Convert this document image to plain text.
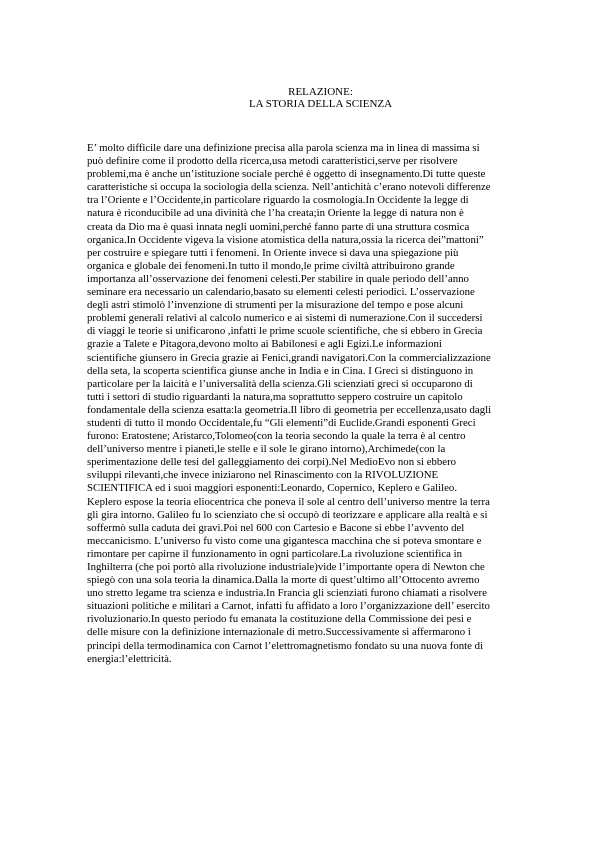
RELAZIONE:
LA STORIA DELLA SCIENZA
E’ molto difficile dare una definizione precisa alla parola scienza ma in linea di massima si
può definire come il prodotto della ricerca,usa metodi caratteristici,serve per risolvere
problemi,ma è anche un’istituzione sociale perché è oggetto di insegnamento.Di tutte queste
caratteristiche si occupa la sociologia della scienza. Nell’antichità c’erano notevoli differenze
tra l’Oriente e l’Occidente,in particolare riguardo la cosmologia.In Occidente la legge di
natura è riconducibile ad una divinità che l’ha creata;in Oriente la legge di natura non è
creata da Dio ma è quasi innata negli uomini,perché fanno parte di una struttura cosmica
organica.In Occidente vigeva la visione atomistica della natura,ossia la ricerca dei”mattoni”
per costruire e spiegare tutti i fenomeni. In Oriente invece si dava una spiegazione più
organica e globale dei fenomeni.In tutto il mondo,le prime civiltà attribuirono grande
importanza all’osservazione dei fenomeni celesti.Per stabilire in quale periodo dell’anno
seminare era necessario un calendario,basato su elementi celesti periodici. L’osservazione
degli astri stimolò l’invenzione di strumenti per la misurazione del tempo e pose alcuni
problemi generali relativi al calcolo numerico e ai sistemi di numerazione.Con il succedersi
di viaggi le teorie si unificarono ,infatti le prime scuole scientifiche, che si ebbero in Grecia
grazie a Talete e Pitagora,devono molto ai Babilonesi e agli Egizi.Le informazioni
scientifiche giunsero in Grecia grazie ai Fenici,grandi navigatori.Con la commercializzazione
della seta, la scoperta scientifica giunse anche in India e in Cina. I Greci si distinguono in
particolare per la laicità e l’universalità della scienza.Gli scienziati greci si occuparono di
tutti i settori di studio riguardanti la natura,ma soprattutto seppero costruire un capitolo
fondamentale della scienza esatta:la geometria.Il libro di geometria per eccellenza,usato dagli
studenti di tutto il mondo Occidentale,fu “Gli elementi”di Euclide.Grandi esponenti Greci
furono: Eratostene; Aristarco,Tolomeo(con la teoria secondo la quale la terra è al centro
dell’universo mentre i pianeti,le stelle e il sole le girano intorno),Archimede(con la
sperimentazione delle tesi del galleggiamento dei corpi).Nel MedioEvo non si ebbero
sviluppi rilevanti,che invece iniziarono nel Rinascimento con la RIVOLUZIONE
SCIENTIFICA ed i suoi maggiori esponenti:Leonardo, Copernico, Keplero e Galileo.
Keplero espose la teoria eliocentrica che poneva il sole al centro dell’universo mentre la terra
gli gira intorno. Galileo fu lo scienziato che si occupò di teorizzare e applicare alla realtà e si
soffermò sulla caduta dei gravi.Poi nel 600 con Cartesio e Bacone si ebbe l’avvento del
meccanicismo. L’universo fu visto come una gigantesca macchina che si poteva smontare e
rimontare per capirne il funzionamento in ogni particolare.La rivoluzione scientifica in
Inghilterra (che poi portò alla rivoluzione industriale)vide l’importante opera di Newton che
spiegò con una sola teoria la dinamica.Dalla la morte di quest’ultimo all’Ottocento avremo
uno stretto legame tra scienza e industria.In Francia gli scienziati furono chiamati a risolvere
situazioni politiche e militari a Carnot, infatti fu affidato a loro l’organizzazione dell’ esercito
rivoluzionario.In questo periodo fu emanata la costituzione della Commissione dei pesi e
delle misure con la definizione internazionale di metro.Successivamente si affermarono i
principi della termodinamica con Carnot l’elettromagnetismo fondato su una nuova fonte di
energia:l’elettricità.
